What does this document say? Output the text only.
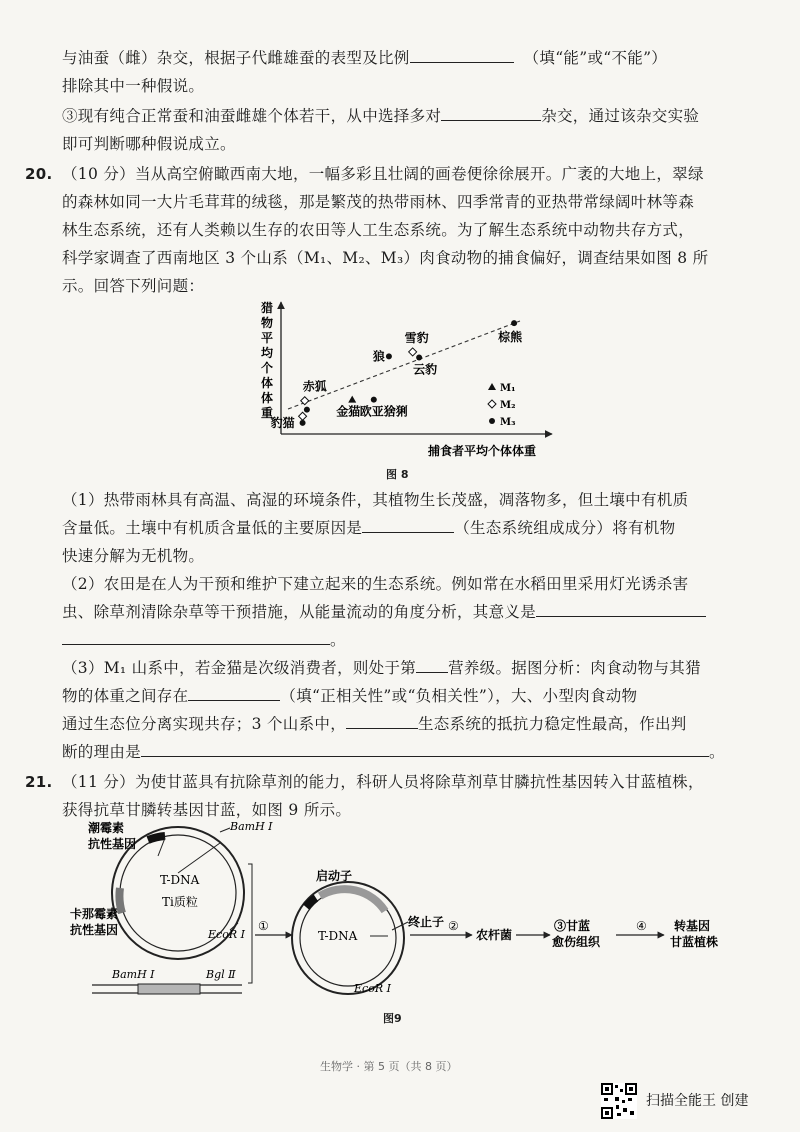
与油蚕（雌）杂交，根据子代雌雄蚕的表型及比例	（填“能”或“不能”）
排除其中一种假说。
③现有纯合正常蚕和油蚕雌雄个体若干，从中选择多对	杂交，通过该杂交实验
即可判断哪种假说成立。
20. （10 分）当从高空俯瞰西南大地，一幅多彩且壮阔的画卷便徐徐展开。广袤的大地上，翠绿
的森林如同一大片毛茸茸的绒毯，那是繁茂的热带雨林、四季常青的亚热带常绿阔叶林等森
林生态系统，还有人类赖以生存的农田等人工生态系统。为了解生态系统中动物共存方式，
科学家调查了西南地区 3 个山系（M₁、M₂、M₃）肉食动物的捕食偏好，调查结果如图 8 所
示。回答下列问题：
猎
物
平
均
个
体
体
重
捕食者平均个体体重
豹猫
赤狐
金猫 欧亚猞猁
狼
雪豹
云豹
棕熊
M₁
M₂
M₃
图 8
（1）热带雨林具有高温、高湿的环境条件，其植物生长茂盛，凋落物多，但土壤中有机质
含量低。土壤中有机质含量低的主要原因是	（生态系统组成成分）将有机物
快速分解为无机物。
（2）农田是在人为干预和维护下建立起来的生态系统。例如常在水稻田里采用灯光诱杀害
虫、除草剂清除杂草等干预措施，从能量流动的角度分析，其意义是
。
（3）M₁ 山系中，若金猫是次级消费者，则处于第 营养级。据图分析：肉食动物与其猎
物的体重之间存在	（填“正相关性”或“负相关性”），大、小型肉食动物
通过生态位分离实现共存；3 个山系中，	生态系统的抵抗力稳定性最高，作出判
断的理由是	。
21. （11 分）为使甘蓝具有抗除草剂的能力，科研人员将除草剂草甘膦抗性基因转入甘蓝植株，
获得抗草甘膦转基因甘蓝，如图 9 所示。
潮霉素
抗性基因
BamH Ⅰ
T-DNA
Ti质粒
卡那霉素
抗性基因	EcoR Ⅰ
BamH Ⅰ	Bgl Ⅱ
①
启动子
终止子
T-DNA
EcoR Ⅰ
②
农杆菌
③甘蓝
愈伤组织
④ 转基因
甘蓝植株
图9
生物学 · 第 5 页（共 8 页）
扫描全能王 创建
